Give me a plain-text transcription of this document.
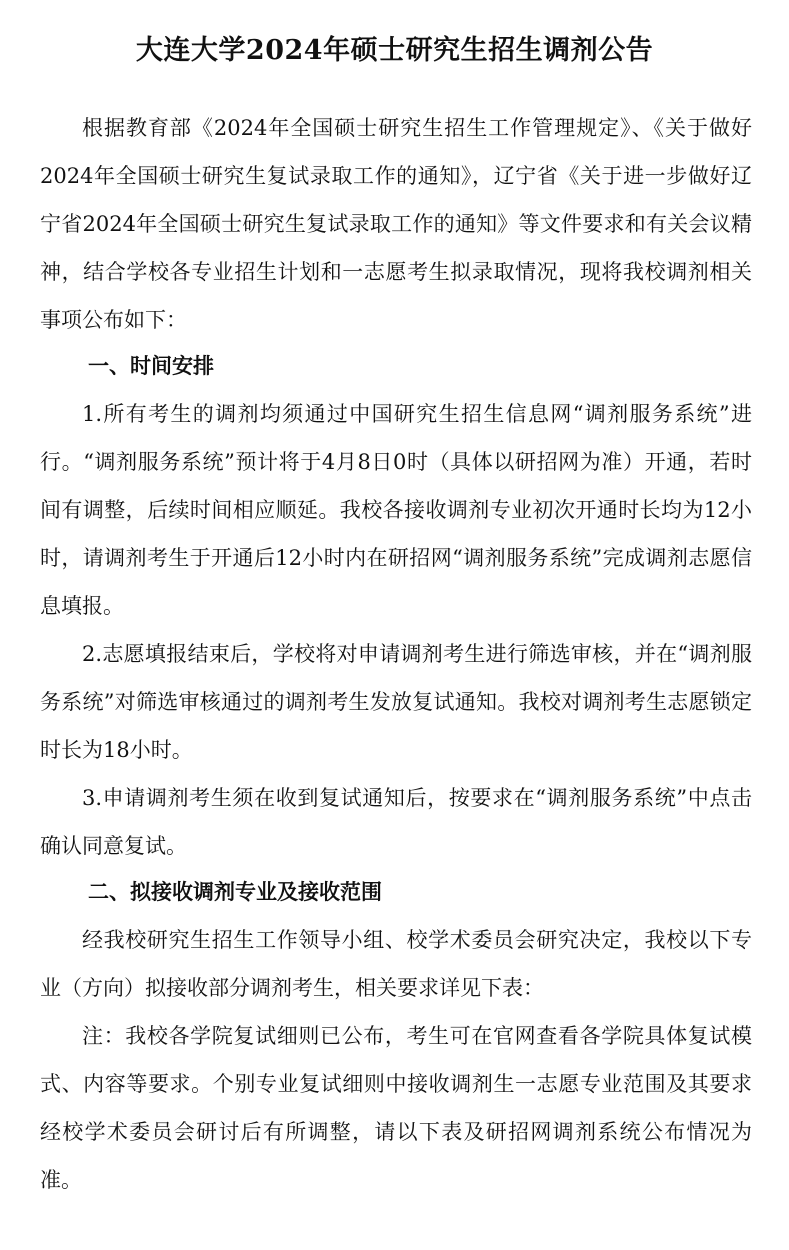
大连大学2024年硕士研究生招生调剂公告

根据教育部《2024年全国硕士研究生招生工作管理规定》、《关于做好2024年全国硕士研究生复试录取工作的通知》，辽宁省《关于进一步做好辽宁省2024年全国硕士研究生复试录取工作的通知》等文件要求和有关会议精神，结合学校各专业招生计划和一志愿考生拟录取情况，现将我校调剂相关事项公布如下：

一、时间安排

1.所有考生的调剂均须通过中国研究生招生信息网“调剂服务系统”进行。“调剂服务系统”预计将于4月8日0时（具体以研招网为准）开通，若时间有调整，后续时间相应顺延。我校各接收调剂专业初次开通时长均为12小时，请调剂考生于开通后12小时内在研招网“调剂服务系统”完成调剂志愿信息填报。

2.志愿填报结束后，学校将对申请调剂考生进行筛选审核，并在“调剂服务系统”对筛选审核通过的调剂考生发放复试通知。我校对调剂考生志愿锁定时长为18小时。

3.申请调剂考生须在收到复试通知后，按要求在“调剂服务系统”中点击确认同意复试。

二、拟接收调剂专业及接收范围

经我校研究生招生工作领导小组、校学术委员会研究决定，我校以下专业（方向）拟接收部分调剂考生，相关要求详见下表：

注：我校各学院复试细则已公布，考生可在官网查看各学院具体复试模式、内容等要求。个别专业复试细则中接收调剂生一志愿专业范围及其要求经校学术委员会研讨后有所调整，请以下表及研招网调剂系统公布情况为准。
